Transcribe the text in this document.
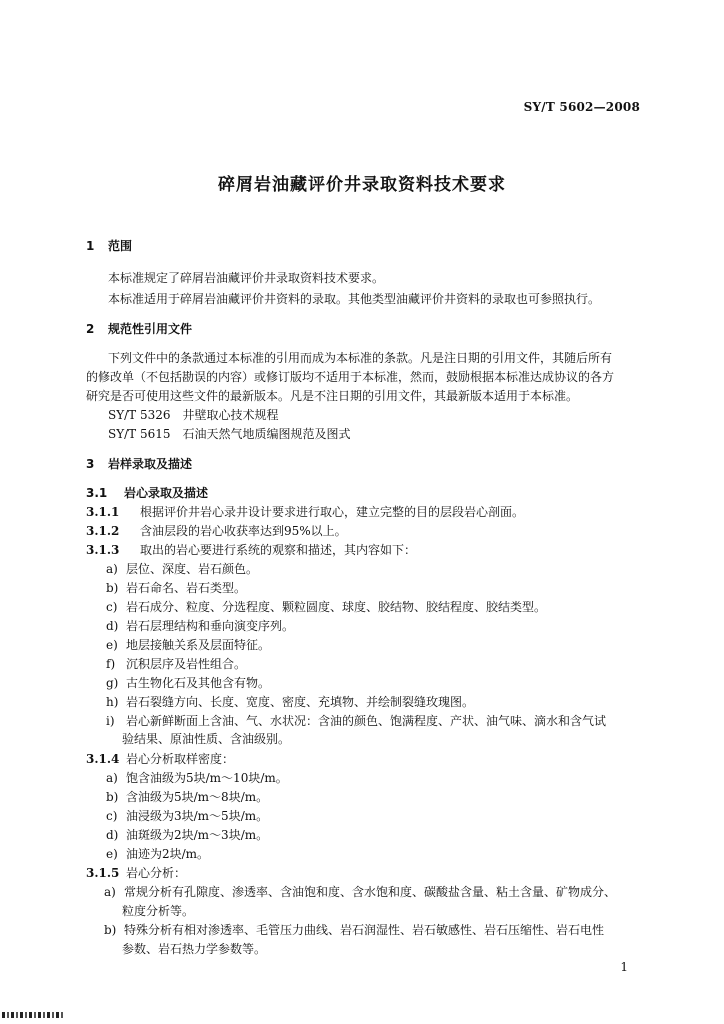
SY/T 5602—2008
碎屑岩油藏评价井录取资料技术要求
1 范围
本标准规定了碎屑岩油藏评价井录取资料技术要求。
本标准适用于碎屑岩油藏评价井资料的录取。其他类型油藏评价井资料的录取也可参照执行。
2 规范性引用文件
下列文件中的条款通过本标准的引用而成为本标准的条款。凡是注日期的引用文件，其随后所有
的修改单（不包括勘误的内容）或修订版均不适用于本标准，然而，鼓励根据本标准达成协议的各方
研究是否可使用这些文件的最新版本。凡是不注日期的引用文件，其最新版本适用于本标准。
SY/T 5326　井壁取心技术规程
SY/T 5615　石油天然气地质编图规范及图式
3 岩样录取及描述
3.1 岩心录取及描述
3.1.1 根据评价井岩心录井设计要求进行取心，建立完整的目的层段岩心剖面。
3.1.2 含油层段的岩心收获率达到95%以上。
3.1.3 取出的岩心要进行系统的观察和描述，其内容如下：
a) 层位、深度、岩石颜色。
b) 岩石命名、岩石类型。
c) 岩石成分、粒度、分选程度、颗粒圆度、球度、胶结物、胶结程度、胶结类型。
d) 岩石层理结构和垂向演变序列。
e) 地层接触关系及层面特征。
f) 沉积层序及岩性组合。
g) 古生物化石及其他含有物。
h) 岩石裂缝方向、长度、宽度、密度、充填物、并绘制裂缝玫瑰图。
i) 岩心新鲜断面上含油、气、水状况：含油的颜色、饱满程度、产状、油气味、滴水和含气试
验结果、原油性质、含油级别。
3.1.4 岩心分析取样密度：
a) 饱含油级为5块/m～10块/m。
b) 含油级为5块/m～8块/m。
c) 油浸级为3块/m～5块/m。
d) 油斑级为2块/m～3块/m。
e) 油迹为2块/m。
3.1.5 岩心分析：
a) 常规分析有孔隙度、渗透率、含油饱和度、含水饱和度、碳酸盐含量、粘土含量、矿物成分、
粒度分析等。
b) 特殊分析有相对渗透率、毛管压力曲线、岩石润湿性、岩石敏感性、岩石压缩性、岩石电性
参数、岩石热力学参数等。
1
